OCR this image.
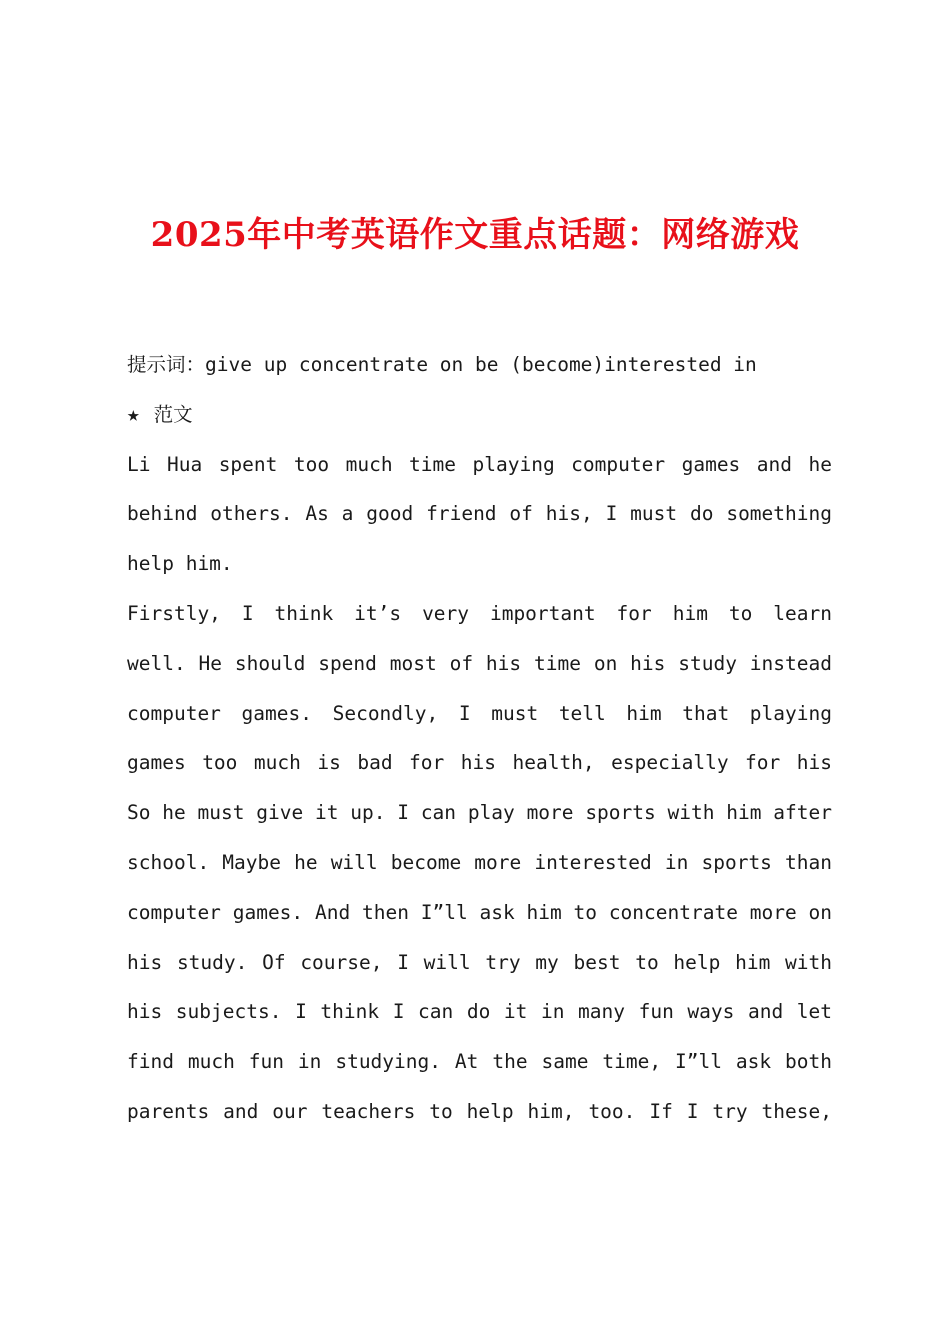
2025年中考英语作文重点话题：网络游戏

提示词：give up concentrate on be (become)interested in

★ 范文

Li Hua spent too much time playing computer games and he

behind others. As a good friend of his, I must do something

help him.

Firstly, I think it’s very important for him to learn

well. He should spend most of his time on his study instead

computer games. Secondly, I must tell him that playing

games too much is bad for his health, especially for his

So he must give it up. I can play more sports with him after

school. Maybe he will become more interested in sports than

computer games. And then I”ll ask him to concentrate more on

his study. Of course, I will try my best to help him with

his subjects. I think I can do it in many fun ways and let

find much fun in studying. At the same time, I”ll ask both

parents and our teachers to help him, too. If I try these,
